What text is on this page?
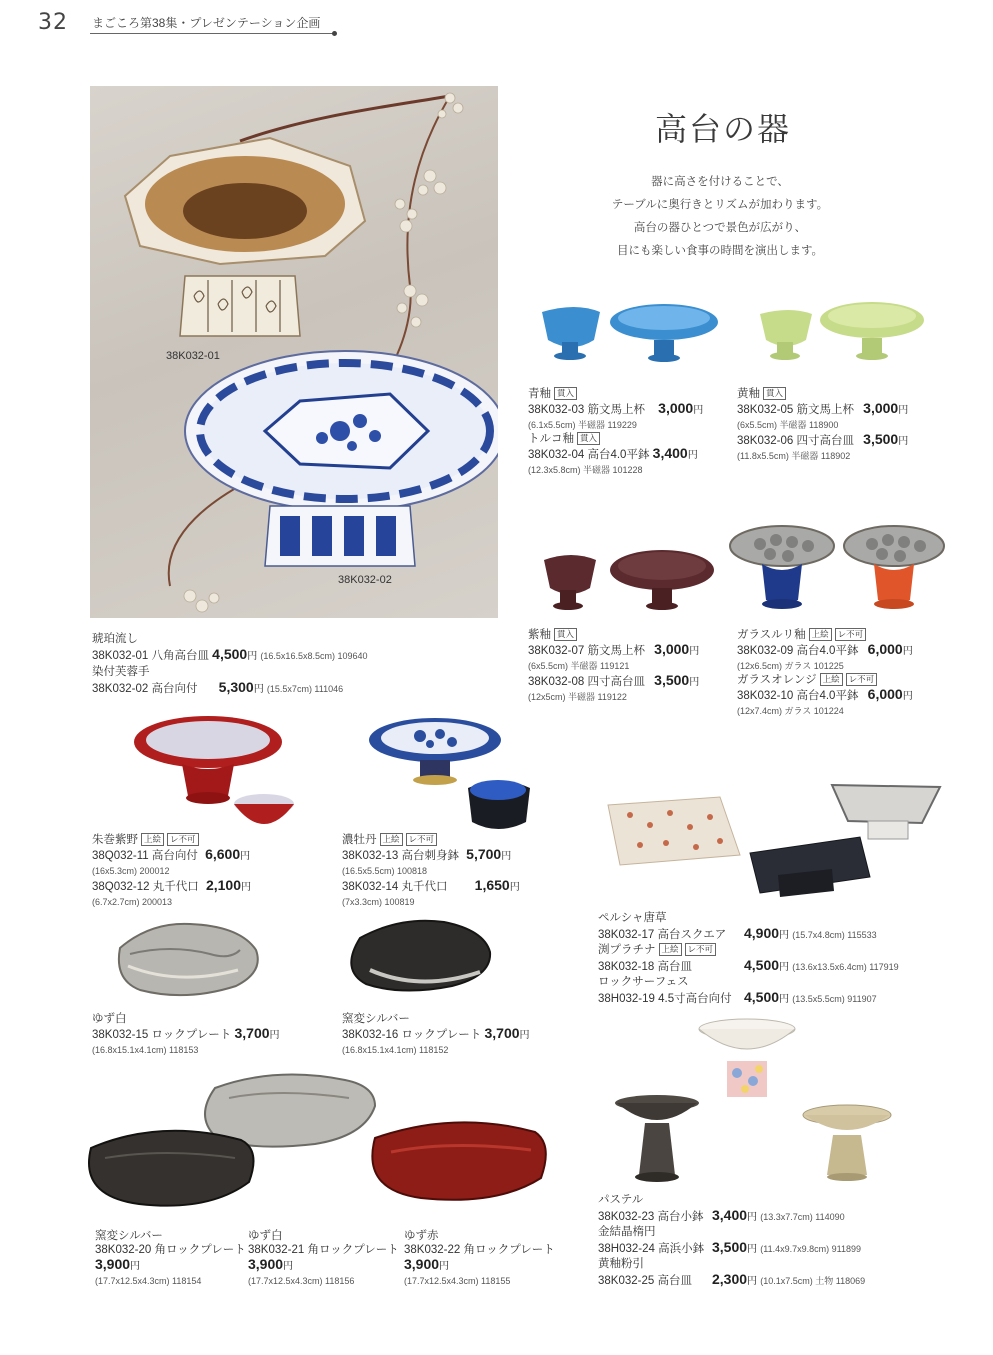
32 まごころ第38集・プレゼンテーション企画
高台の器
器に高さを付けることで、
テーブルに奥行きとリズムが加わります。
高台の器ひとつで景色が広がり、
目にも楽しい食事の時間を演出します。
38K032-01
38K032-02
琥珀流し
38K032-01 八角高台皿 4,500円 (16.5x16.5x8.5cm) 109640
染付芙蓉手
38K032-02 高台向付 5,300円 (15.5x7cm) 111046
青釉 貫入
38K032-03 筋文馬上杯 3,000円
(6.1x5.5cm) 半磁器 119229
トルコ釉 貫入
38K032-04 高台4.0平鉢 3,400円
(12.3x5.8cm) 半磁器 101228
黄釉 貫入
38K032-05 筋文馬上杯 3,000円
(6x5.5cm) 半磁器 118900
38K032-06 四寸高台皿 3,500円
(11.8x5.5cm) 半磁器 118902
紫釉 貫入
38K032-07 筋文馬上杯 3,000円
(6x5.5cm) 半磁器 119121
38K032-08 四寸高台皿 3,500円
(12x5cm) 半磁器 119122
ガラスルリ釉 上絵 レ不可
38K032-09 高台4.0平鉢 6,000円
(12x6.5cm) ガラス 101225
ガラスオレンジ 上絵 レ不可
38K032-10 高台4.0平鉢 6,000円
(12x7.4cm) ガラス 101224
朱巻紫野 上絵 レ不可
38Q032-11 高台向付 6,600円
(16x5.3cm) 200012
38Q032-12 丸千代口 2,100円
(6.7x2.7cm) 200013
濃牡丹 上絵 レ不可
38K032-13 高台刺身鉢 5,700円
(16.5x5.5cm) 100818
38K032-14 丸千代口 1,650円
(7x3.3cm) 100819
ペルシャ唐草
38K032-17 高台スクエア 4,900円 (15.7x4.8cm) 115533
渕プラチナ 上絵 レ不可
38K032-18 高台皿	4,500円 (13.6x13.5x6.4cm) 117919
ロックサーフェス
38H032-19 4.5寸高台向付 4,500円 (13.5x5.5cm) 911907
ゆず白
38K032-15 ロックプレート 3,700円
(16.8x15.1x4.1cm) 118153
窯変シルバー
38K032-16 ロックプレート 3,700円
(16.8x15.1x4.1cm) 118152
窯変シルバー
38K032-20 角ロックプレート
3,900円
(17.7x12.5x4.3cm) 118154
ゆず白
38K032-21 角ロックプレート
3,900円
(17.7x12.5x4.3cm) 118156
ゆず赤
38K032-22 角ロックプレート
3,900円
(17.7x12.5x4.3cm) 118155
パステル
38K032-23 高台小鉢 3,400円 (13.3x7.7cm) 114090
金結晶楕円
38H032-24 高浜小鉢 3,500円 (11.4x9.7x9.8cm) 911899
黄釉粉引
38K032-25 高台皿 2,300円 (10.1x7.5cm) 土物 118069
